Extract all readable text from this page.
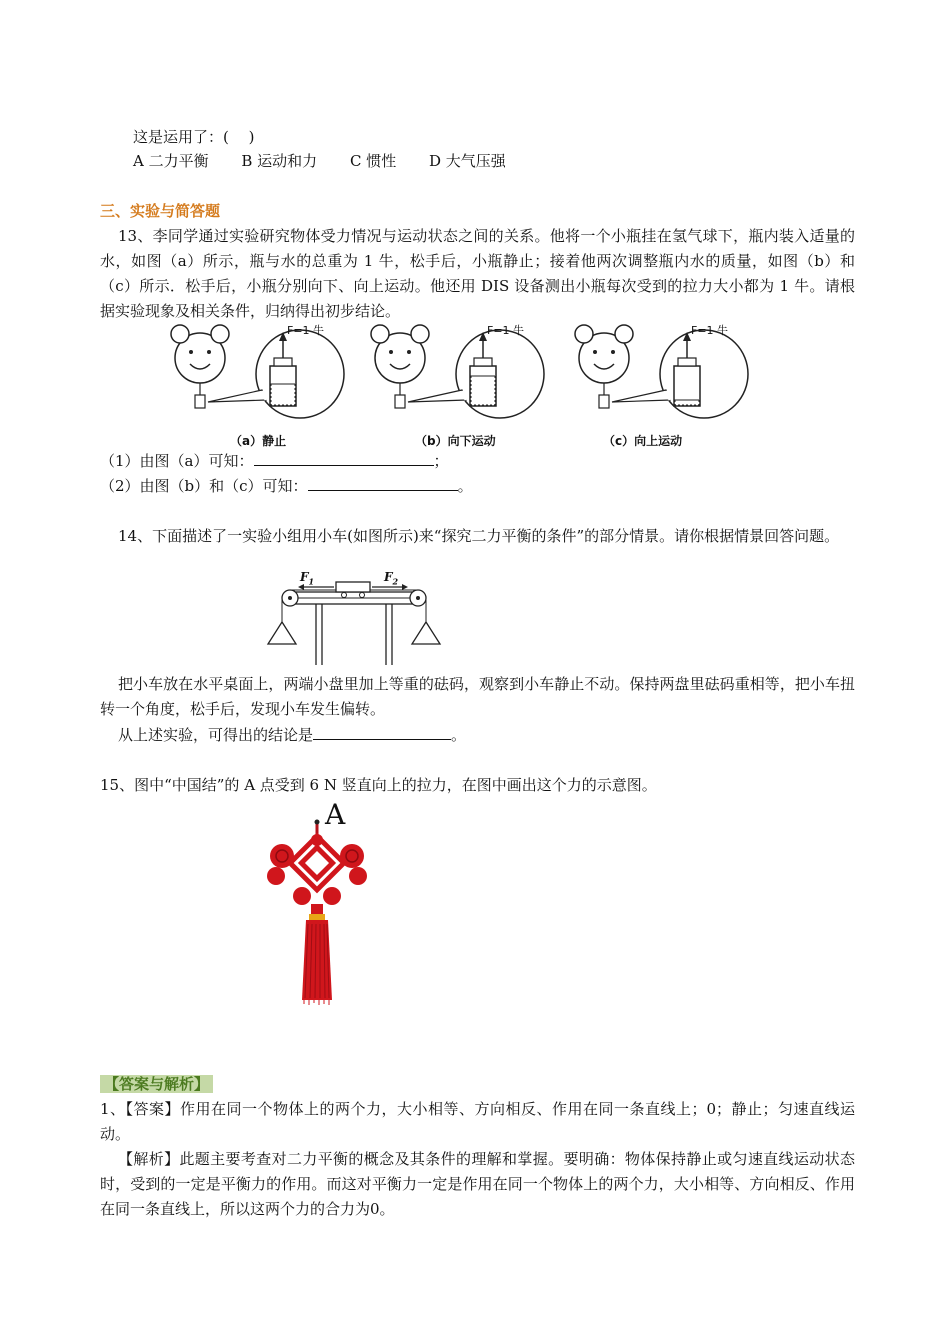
这是运用了：(　 )
A 二力平衡 B 运动和力 C 惯性 D 大气压强
三、实验与简答题
13、李同学通过实验研究物体受力情况与运动状态之间的关系。他将一个小瓶挂在氢气球下，瓶内装入适量的水，如图（a）所示，瓶与水的总重为 1 牛，松手后，小瓶静止；接着他两次调整瓶内水的质量，如图（b）和（c）所示．松手后，小瓶分别向下、向上运动。他还用 DIS 设备测出小瓶每次受到的拉力大小都为 1 牛。请根据实验现象及相关条件，归纳得出初步结论。
F=1 牛	F=1 牛	F=1 牛
（a）静止	（b）向下运动	（c）向上运动
（1）由图（a）可知：	；
（2）由图（b）和（c）可知：	。
14、下面描述了一实验小组用小车(如图所示)来“探究二力平衡的条件”的部分情景。请你根据情景回答问题。
$F_1$	$F_2$
把小车放在水平桌面上，两端小盘里加上等重的砝码，观察到小车静止不动。保持两盘里砝码重相等，把小车扭转一个角度，松手后，发现小车发生偏转。
从上述实验，可得出的结论是	。
15、图中“中国结”的 A 点受到 6 N 竖直向上的拉力，在图中画出这个力的示意图。
A
【答案与解析】
1、【答案】作用在同一个物体上的两个力，大小相等、方向相反、作用在同一条直线上；0；静止；匀速直线运动。
【解析】此题主要考查对二力平衡的概念及其条件的理解和掌握。要明确：物体保持静止或匀速直线运动状态时，受到的一定是平衡力的作用。而这对平衡力一定是作用在同一个物体上的两个力，大小相等、方向相反、作用在同一条直线上，所以这两个力的合力为0。
